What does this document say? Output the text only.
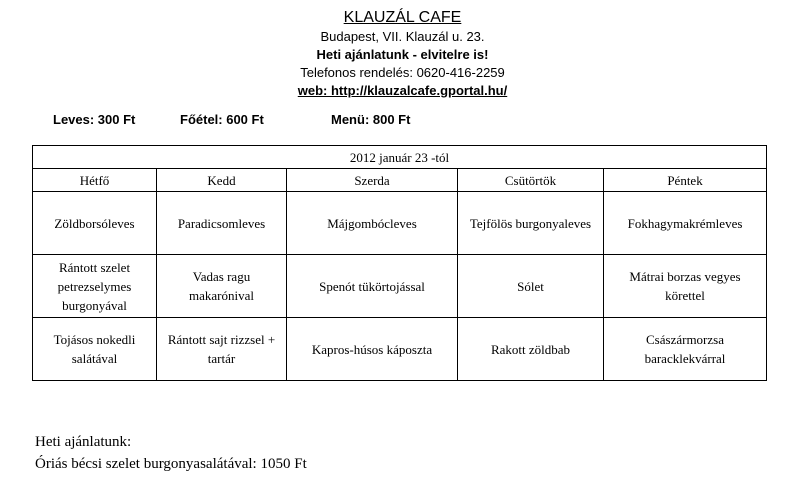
KLAUZÁL CAFE
Budapest, VII. Klauzál u. 23.
Heti ajánlatunk - elvitelre is!
Telefonos rendelés: 0620-416-2259
web: http://klauzalcafe.gportal.hu/
Leves: 300 Ft	Főétel: 600 Ft	Menü: 800 Ft
2012 január 23 -tól				
Hétfő	Kedd	Szerda	Csütörtök	Péntek
Zöldborsóleves	Paradicsomleves	Májgombócleves	Tejfölös burgonyaleves	Fokhagymakrémleves
Rántott szelet petrezselymes burgonyával	Vadas ragu makarónival	Spenót tükörtojással	Sólet	Mátrai borzas vegyes körettel
Tojásos nokedli salátával	Rántott sajt rizzsel + tartár	Kapros-húsos káposzta	Rakott zöldbab	Császármorzsa baracklekvárral
Heti ajánlatunk:
Óriás bécsi szelet burgonyasalátával: 1050 Ft
